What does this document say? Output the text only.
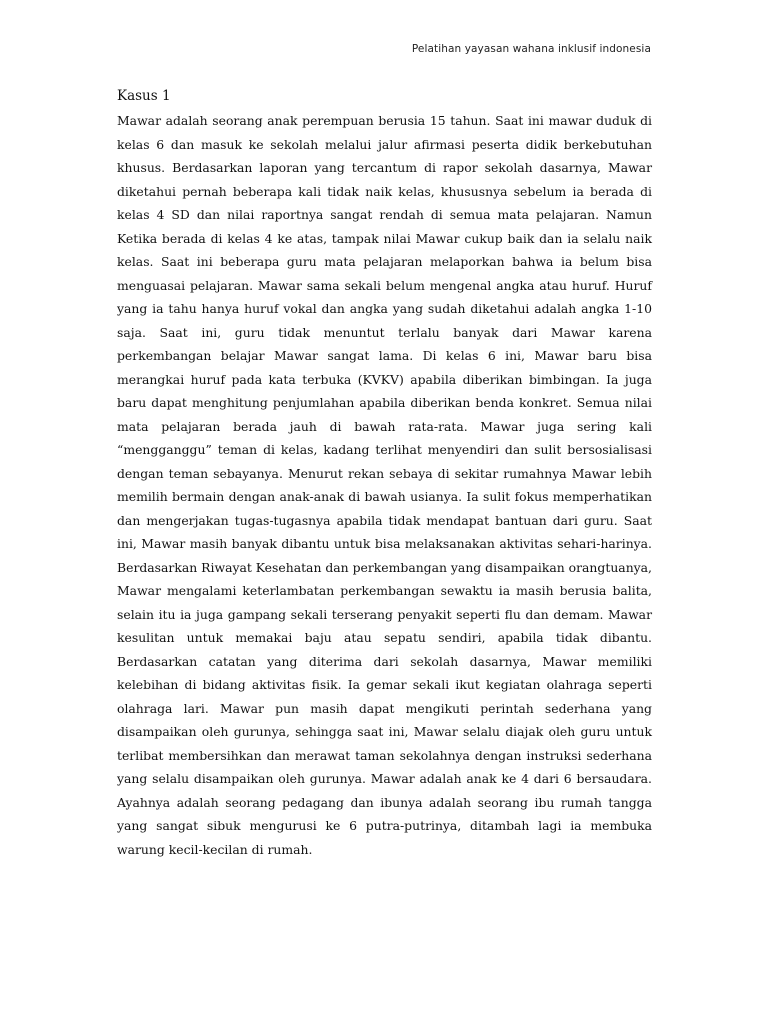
Pelatihan yayasan wahana inklusif indonesia
Kasus 1

Mawar adalah seorang anak perempuan berusia 15 tahun. Saat ini mawar duduk di kelas 6 dan masuk ke sekolah melalui jalur afirmasi peserta didik berkebutuhan khusus. Berdasarkan laporan yang tercantum di rapor sekolah dasarnya, Mawar diketahui pernah beberapa kali tidak naik kelas, khususnya sebelum ia berada di kelas 4 SD dan nilai raportnya sangat rendah di semua mata pelajaran. Namun Ketika berada di kelas 4 ke atas, tampak nilai Mawar cukup baik dan ia selalu naik kelas. Saat ini beberapa guru mata pelajaran melaporkan bahwa ia belum bisa menguasai pelajaran. Mawar sama sekali belum mengenal angka atau huruf. Huruf yang ia tahu hanya huruf vokal dan angka yang sudah diketahui adalah angka 1-10 saja. Saat ini, guru tidak menuntut terlalu banyak dari Mawar karena perkembangan belajar Mawar sangat lama. Di kelas 6 ini, Mawar baru bisa merangkai huruf pada kata terbuka (KVKV) apabila diberikan bimbingan. Ia juga baru dapat menghitung penjumlahan apabila diberikan benda konkret. Semua nilai mata pelajaran berada jauh di bawah rata-rata. Mawar juga sering kali “mengganggu” teman di kelas, kadang terlihat menyendiri dan sulit bersosialisasi dengan teman sebayanya. Menurut rekan sebaya di sekitar rumahnya Mawar lebih memilih bermain dengan anak-anak di bawah usianya. Ia sulit fokus memperhatikan dan mengerjakan tugas-tugasnya apabila tidak mendapat bantuan dari guru. Saat ini, Mawar masih banyak dibantu untuk bisa melaksanakan aktivitas sehari-harinya. Berdasarkan Riwayat Kesehatan dan perkembangan yang disampaikan orangtuanya, Mawar mengalami keterlambatan perkembangan sewaktu ia masih berusia balita, selain itu ia juga gampang sekali terserang penyakit seperti flu dan demam. Mawar kesulitan untuk memakai baju atau sepatu sendiri, apabila tidak dibantu. Berdasarkan catatan yang diterima dari sekolah dasarnya, Mawar memiliki kelebihan di bidang aktivitas fisik. Ia gemar sekali ikut kegiatan olahraga seperti olahraga lari. Mawar pun masih dapat mengikuti perintah sederhana yang disampaikan oleh gurunya, sehingga saat ini, Mawar selalu diajak oleh guru untuk terlibat membersihkan dan merawat taman sekolahnya dengan instruksi sederhana yang selalu disampaikan oleh gurunya. Mawar adalah anak ke 4 dari 6 bersaudara. Ayahnya adalah seorang pedagang dan ibunya adalah seorang ibu rumah tangga yang sangat sibuk mengurusi ke 6 putra-putrinya, ditambah lagi ia membuka warung kecil-kecilan di rumah.
